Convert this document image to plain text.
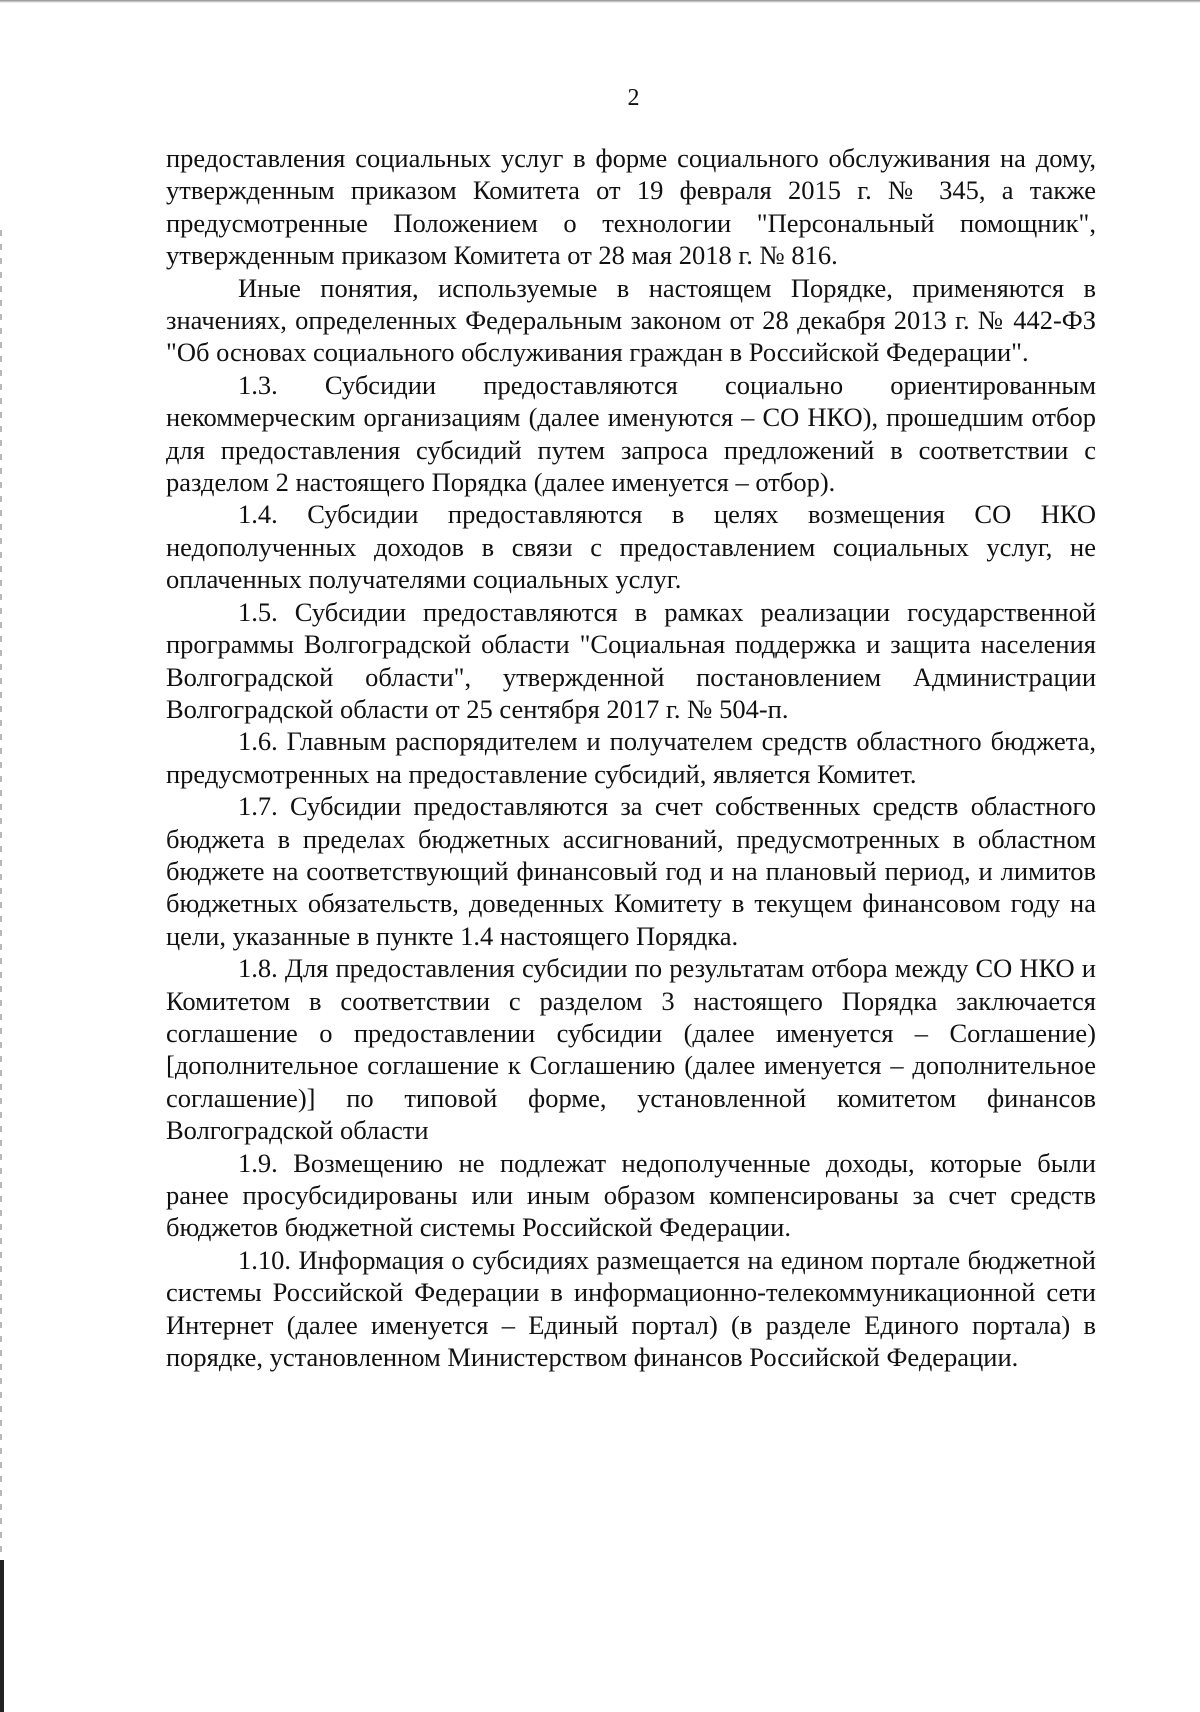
2

предоставления социальных услуг в форме социального обслуживания на дому, утвержденным приказом Комитета от 19 февраля 2015 г. № 345, а также предусмотренные Положением о технологии "Персональный помощник", утвержденным приказом Комитета от 28 мая 2018 г. № 816.

Иные понятия, используемые в настоящем Порядке, применяются в значениях, определенных Федеральным законом от 28 декабря 2013 г. № 442-ФЗ "Об основах социального обслуживания граждан в Российской Федерации".

1.3. Субсидии предоставляются социально ориентированным некоммерческим организациям (далее именуются – СО НКО), прошедшим отбор для предоставления субсидий путем запроса предложений в соответствии с разделом 2 настоящего Порядка (далее именуется – отбор).

1.4. Субсидии предоставляются в целях возмещения СО НКО недополученных доходов в связи с предоставлением социальных услуг, не оплаченных получателями социальных услуг.

1.5. Субсидии предоставляются в рамках реализации государственной программы Волгоградской области "Социальная поддержка и защита населения Волгоградской области", утвержденной постановлением Администрации Волгоградской области от 25 сентября 2017 г. № 504-п.

1.6. Главным распорядителем и получателем средств областного бюджета, предусмотренных на предоставление субсидий, является Комитет.

1.7. Субсидии предоставляются за счет собственных средств областного бюджета в пределах бюджетных ассигнований, предусмотренных в областном бюджете на соответствующий финансовый год и на плановый период, и лимитов бюджетных обязательств, доведенных Комитету в текущем финансовом году на цели, указанные в пункте 1.4 настоящего Порядка.

1.8. Для предоставления субсидии по результатам отбора между СО НКО и Комитетом в соответствии с разделом 3 настоящего Порядка заключается соглашение о предоставлении субсидии (далее именуется – Соглашение) [дополнительное соглашение к Соглашению (далее именуется – дополнительное соглашение)] по типовой форме, установленной комитетом финансов Волгоградской области

1.9. Возмещению не подлежат недополученные доходы, которые были ранее просубсидированы или иным образом компенсированы за счет средств бюджетов бюджетной системы Российской Федерации.

1.10. Информация о субсидиях размещается на едином портале бюджетной системы Российской Федерации в информационно-телекоммуникационной сети Интернет (далее именуется – Единый портал) (в разделе Единого портала) в порядке, установленном Министерством финансов Российской Федерации.
